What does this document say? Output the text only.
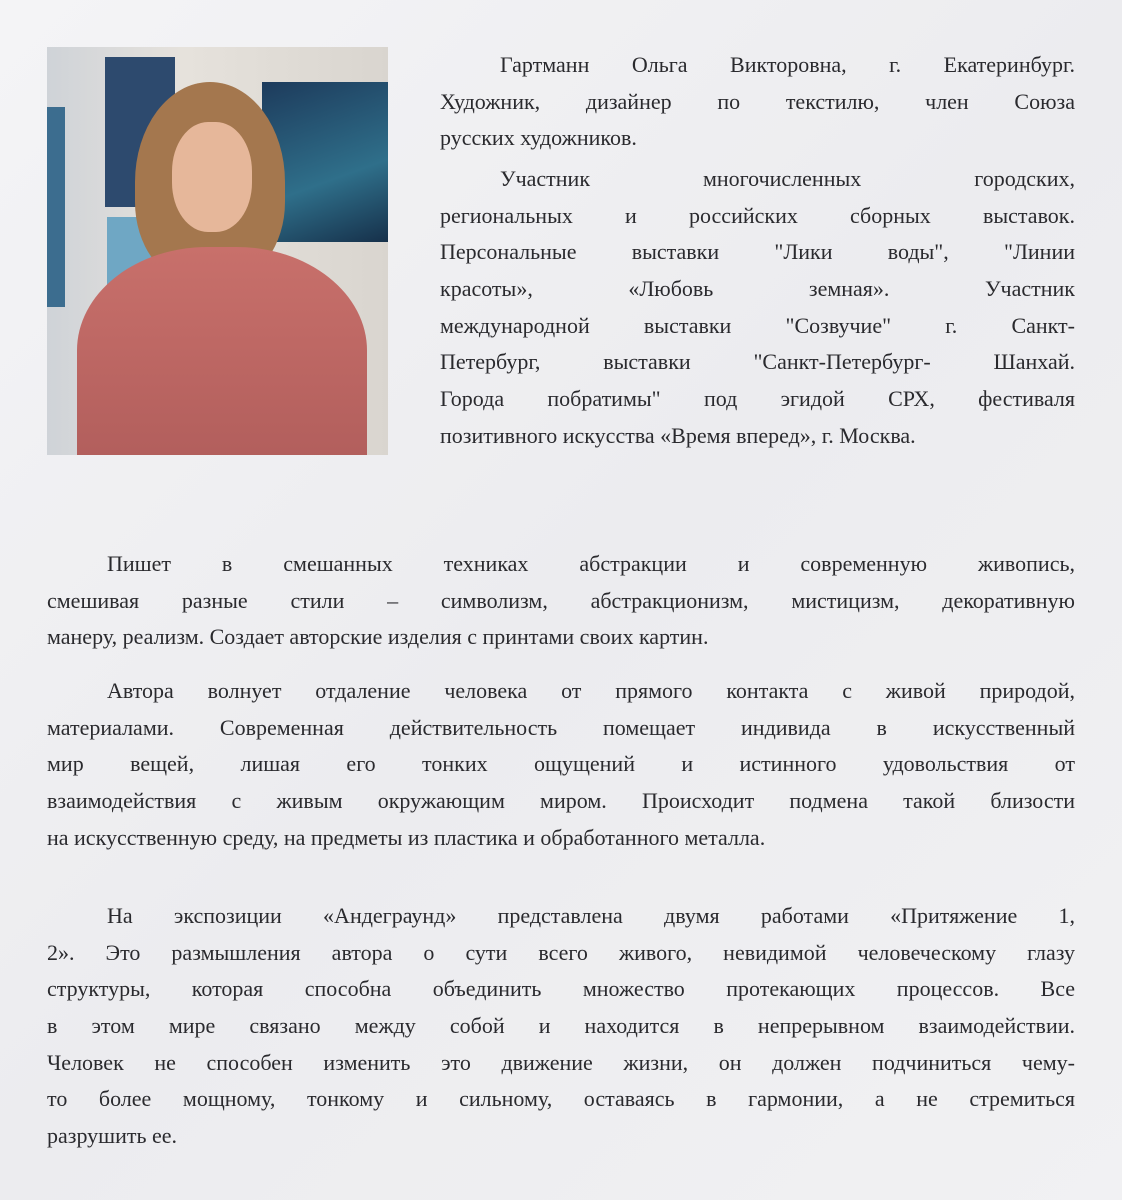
Гартманн Ольга Викторовна, г. Екатеринбург.
Художник, дизайнер по текстилю, член Союза
русских художников.
Участник многочисленных городских,
региональных и российских сборных выставок.
Персональные выставки "Лики воды", "Линии
красоты», «Любовь земная». Участник
международной выставки "Созвучие" г. Санкт-
Петербург, выставки "Санкт-Петербург- Шанхай.
Города побратимы" под эгидой СРХ, фестиваля
позитивного искусства «Время вперед», г. Москва.
Пишет в смешанных техниках абстракции и современную живопись,
смешивая разные стили – символизм, абстракционизм, мистицизм, декоративную
манеру, реализм. Создает авторские изделия с принтами своих картин.
Автора волнует отдаление человека от прямого контакта с живой природой,
материалами. Современная действительность помещает индивида в искусственный
мир вещей, лишая его тонких ощущений и истинного удовольствия от
взаимодействия с живым окружающим миром. Происходит подмена такой близости
на искусственную среду, на предметы из пластика и обработанного металла.
На экспозиции «Андеграунд» представлена двумя работами «Притяжение 1,
2». Это размышления автора о сути всего живого, невидимой человеческому глазу
структуры, которая способна объединить множество протекающих процессов. Все
в этом мире связано между собой и находится в непрерывном взаимодействии.
Человек не способен изменить это движение жизни, он должен подчиниться чему-
то более мощному, тонкому и сильному, оставаясь в гармонии, а не стремиться
разрушить ее.
